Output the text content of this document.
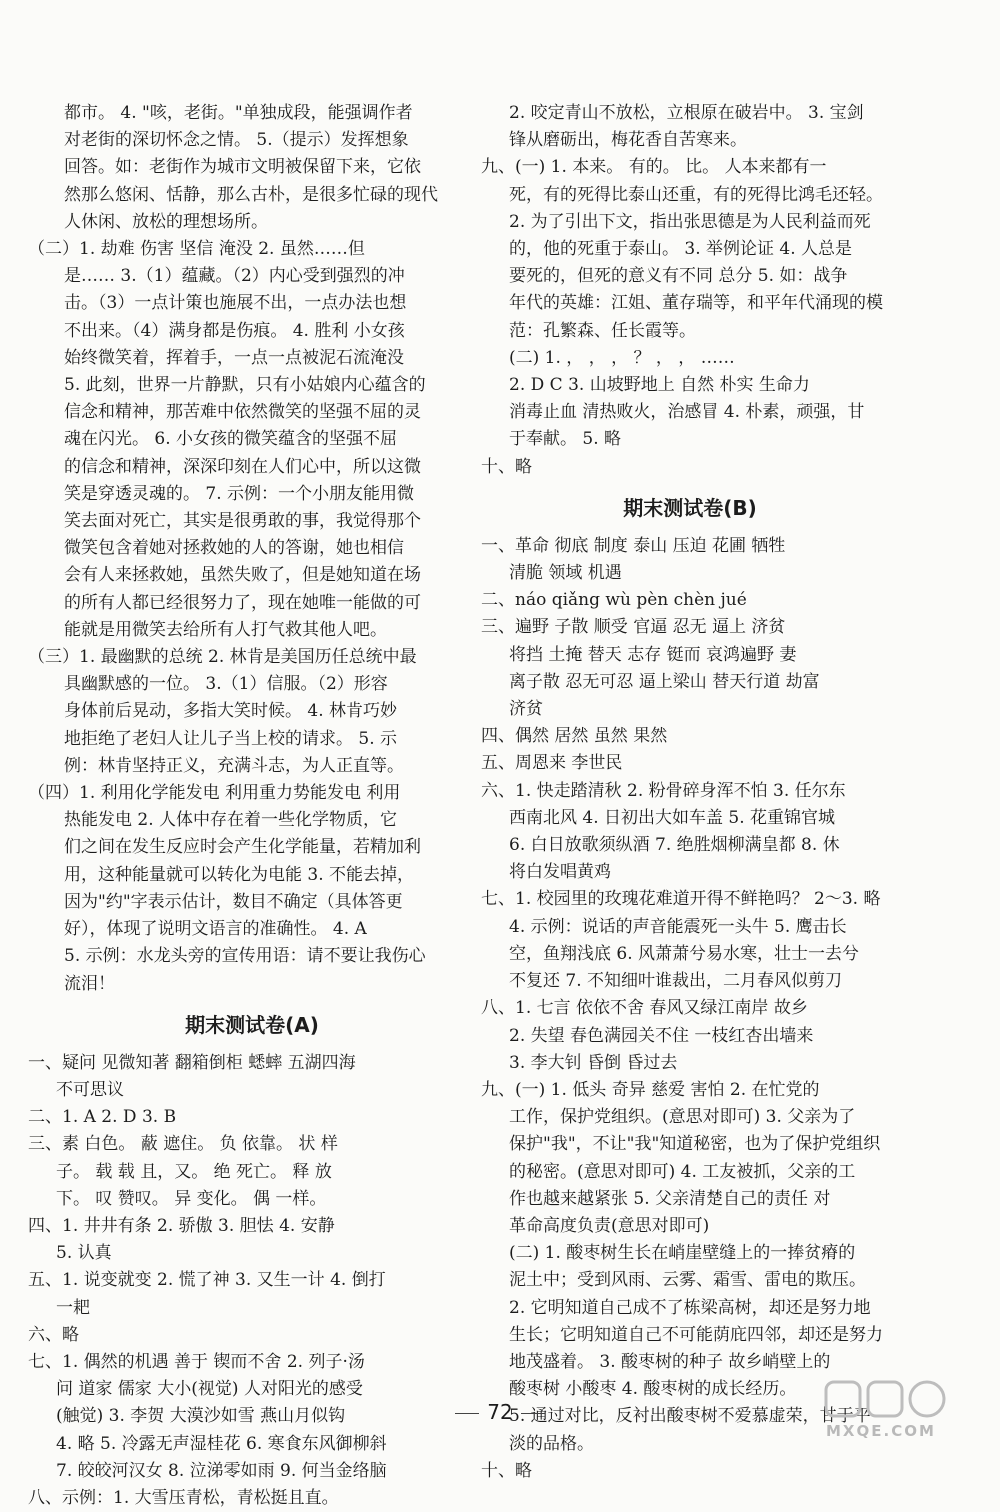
都市。 4. "咳，老街。"单独成段，能强调作者
对老街的深切怀念之情。 5.（提示）发挥想象
回答。如：老街作为城市文明被保留下来，它依
然那么悠闲、恬静，那么古朴，是很多忙碌的现代
人休闲、放松的理想场所。
（二）1. 劫难 伤害 坚信 淹没 2. 虽然……但
是…… 3.（1）蕴藏。（2）内心受到强烈的冲
击。（3）一点计策也施展不出，一点办法也想
不出来。（4）满身都是伤痕。 4. 胜利 小女孩
始终微笑着，挥着手，一点一点被泥石流淹没
5. 此刻，世界一片静默，只有小姑娘内心蕴含的
信念和精神，那苦难中依然微笑的坚强不屈的灵
魂在闪光。 6. 小女孩的微笑蕴含的坚强不屈
的信念和精神，深深印刻在人们心中，所以这微
笑是穿透灵魂的。 7. 示例：一个小朋友能用微
笑去面对死亡，其实是很勇敢的事，我觉得那个
微笑包含着她对拯救她的人的答谢，她也相信
会有人来拯救她，虽然失败了，但是她知道在场
的所有人都已经很努力了，现在她唯一能做的可
能就是用微笑去给所有人打气救其他人吧。
（三）1. 最幽默的总统 2. 林肯是美国历任总统中最
具幽默感的一位。 3.（1）信服。（2）形容
身体前后晃动，多指大笑时候。 4. 林肯巧妙
地拒绝了老妇人让儿子当上校的请求。 5. 示
例：林肯坚持正义，充满斗志，为人正直等。
（四）1. 利用化学能发电 利用重力势能发电 利用
热能发电 2. 人体中存在着一些化学物质，它
们之间在发生反应时会产生化学能量，若精加利
用，这种能量就可以转化为电能 3. 不能去掉，
因为"约"字表示估计，数目不确定（具体答更
好），体现了说明文语言的准确性。 4. A
5. 示例：水龙头旁的宣传用语：请不要让我伤心
流泪！
期末测试卷(A)
一、疑问 见微知著 翻箱倒柜 蟋蟀 五湖四海
不可思议
二、1. A 2. D 3. B
三、素 白色。 蔽 遮住。 负 依靠。 状 样
子。 载 载 且，又。 绝 死亡。 释 放
下。 叹 赞叹。 异 变化。 偶 一样。
四、1. 井井有条 2. 骄傲 3. 胆怯 4. 安静
5. 认真
五、1. 说变就变 2. 慌了神 3. 又生一计 4. 倒打
一耙
六、略
七、1. 偶然的机遇 善于 锲而不舍 2. 列子·汤
问 道家 儒家 大小(视觉) 人对阳光的感受
(触觉) 3. 李贺 大漠沙如雪 燕山月似钩
4. 略 5. 冷露无声湿桂花 6. 寒食东风御柳斜
7. 皎皎河汉女 8. 泣涕零如雨 9. 何当金络脑
八、示例：1. 大雪压青松，青松挺且直。
2. 咬定青山不放松，立根原在破岩中。 3. 宝剑
锋从磨砺出，梅花香自苦寒来。
九、(一) 1. 本来。 有的。 比。 人本来都有一
死，有的死得比泰山还重，有的死得比鸿毛还轻。
2. 为了引出下文，指出张思德是为人民利益而死
的，他的死重于泰山。 3. 举例论证 4. 人总是
要死的，但死的意义有不同 总分 5. 如：战争
年代的英雄：江姐、董存瑞等，和平年代涌现的模
范：孔繁森、任长霞等。
(二) 1. ， ， ， ？ ， ， ……
2. D C 3. 山坡野地上 自然 朴实 生命力
消毒止血 清热败火，治感冒 4. 朴素，顽强，甘
于奉献。 5. 略
十、略
期末测试卷(B)
一、革命 彻底 制度 泰山 压迫 花圃 牺牲
清脆 领域 机遇
二、náo qiǎng wù pèn chèn jué
三、遍野 子散 顺受 官逼 忍无 逼上 济贫
将挡 土掩 替天 志存 铤而 哀鸿遍野 妻
离子散 忍无可忍 逼上梁山 替天行道 劫富
济贫
四、偶然 居然 虽然 果然
五、周恩来 李世民
六、1. 快走踏清秋 2. 粉骨碎身浑不怕 3. 任尔东
西南北风 4. 日初出大如车盖 5. 花重锦官城
6. 白日放歌须纵酒 7. 绝胜烟柳满皇都 8. 休
将白发唱黄鸡
七、1. 校园里的玫瑰花难道开得不鲜艳吗？ 2～3. 略
4. 示例：说话的声音能震死一头牛 5. 鹰击长
空，鱼翔浅底 6. 风萧萧兮易水寒，壮士一去兮
不复还 7. 不知细叶谁裁出，二月春风似剪刀
八、1. 七言 依依不舍 春风又绿江南岸 故乡
2. 失望 春色满园关不住 一枝红杏出墙来
3. 李大钊 昏倒 昏过去
九、(一) 1. 低头 奇异 慈爱 害怕 2. 在忙党的
工作，保护党组织。(意思对即可) 3. 父亲为了
保护"我"，不让"我"知道秘密，也为了保护党组织
的秘密。(意思对即可) 4. 工友被抓，父亲的工
作也越来越紧张 5. 父亲清楚自己的责任 对
革命高度负责(意思对即可)
(二) 1. 酸枣树生长在峭崖壁缝上的一捧贫瘠的
泥土中；受到风雨、云雾、霜雪、雷电的欺压。
2. 它明知道自己成不了栋梁高树，却还是努力地
生长；它明知道自己不可能荫庇四邻，却还是努力
地茂盛着。 3. 酸枣树的种子 故乡峭壁上的
酸枣树 小酸枣 4. 酸枣树的成长经历。
5. 通过对比，反衬出酸枣树不爱慕虚荣，甘于平
淡的品格。
十、略
72
MXQE.COM
